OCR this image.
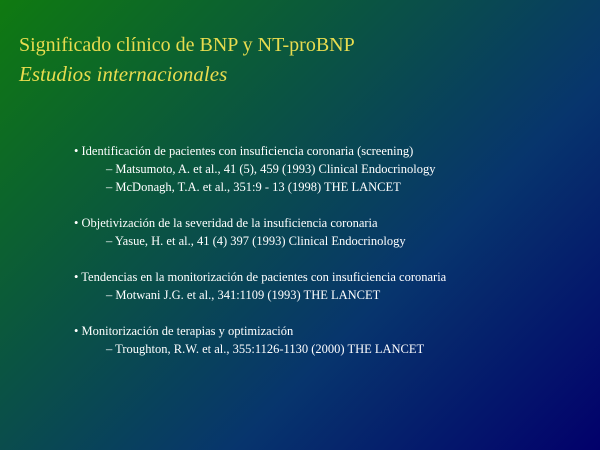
Significado clínico de BNP y NT-proBNP
Estudios internacionales
• Identificación de pacientes con insuficiencia coronaria (screening)
– Matsumoto, A. et al., 41 (5), 459 (1993) Clinical Endocrinology
– McDonagh, T.A. et al., 351:9 - 13 (1998) THE LANCET
• Objetivización de la severidad de la insuficiencia coronaria
– Yasue, H. et al., 41 (4) 397 (1993) Clinical Endocrinology
• Tendencias en la monitorización de pacientes con insuficiencia coronaria
– Motwani J.G. et al., 341:1109 (1993) THE LANCET
• Monitorización de terapias y optimización
– Troughton, R.W. et al., 355:1126-1130 (2000) THE LANCET
